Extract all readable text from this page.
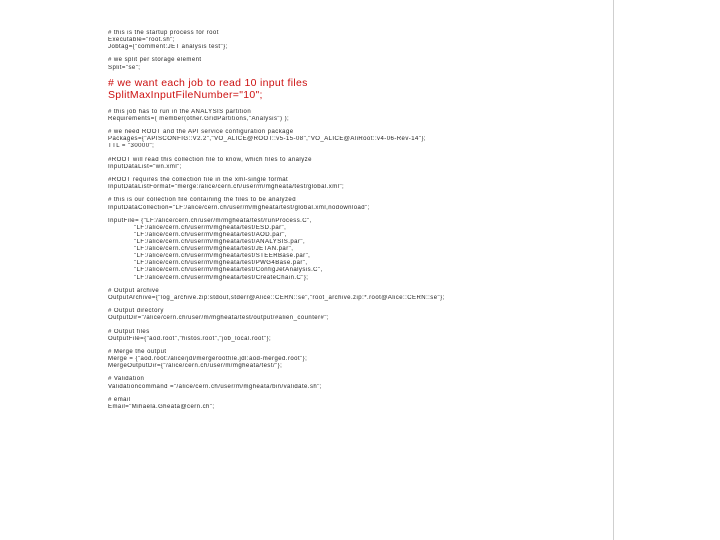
# this is the startup process for root
Executable="root.sh";
Jobtag={"comment:JET analysis test"};
# we split per storage element
Split="se";
# we want each job to read 10 input files
SplitMaxInputFileNumber="10";
# this job has to run in the ANALYSIS partition
Requirements=( member(other.GridPartitions,"Analysis") );
# we need ROOT and the API service configuration package
Packages={"APISCONFIG::V2.2","VO_ALICE@ROOT::v5-15-08","VO_ALICE@AliRoot::v4-06-Rev-14"};
TTL = "30000";
#ROOT will read this collection file to know, which files to analyze
InputDataList="wn.xml";
#ROOT requires the collection file in the xml-single format
InputDataListFormat="merge:/alice/cern.ch/user/m/mgheata/test/global.xml";
# this is our collection file containing the files to be analyzed
InputDataCollection="LF:/alice/cern.ch/user/m/mgheata/test/global.xml,nodownload";
InputFile= {"LF:/alice/cern.ch/user/m/mgheata/test/runProcess.C",
"LF:/alice/cern.ch/user/m/mgheata/test/ESD.par",
"LF:/alice/cern.ch/user/m/mgheata/test/AOD.par",
"LF:/alice/cern.ch/user/m/mgheata/test/ANALYSIS.par",
"LF:/alice/cern.ch/user/m/mgheata/test/JETAN.par",
"LF:/alice/cern.ch/user/m/mgheata/test/STEERBase.par",
"LF:/alice/cern.ch/user/m/mgheata/test/PWG4Base.par",
"LF:/alice/cern.ch/user/m/mgheata/test/ConfigJetAnalysis.C",
"LF:/alice/cern.ch/user/m/mgheata/test/CreateChain.C"};
# Output archive
OutputArchive={"log_archive.zip:stdout,stderr@Alice::CERN::se","root_archive.zip:*.root@Alice::CERN::se"};
# Output directory
OutputDir="/alice/cern.ch/user/m/mgheata/test/output/#alien_counter#";
# Output files
OutputFile={"aod.root","histos.root","job_local.root"};
# Merge the output
Merge = {"aod.root:/alice/jdl/mergerootfile.jdl:aod-merged.root"};
MergeOutputDir={"/alice/cern.ch/user/m/mgheata/test/"};
# Validation
Validationcommand ="/alice/cern.ch/user/m/mgheata/bin/validate.sh";
# email
Email="Mihaela.Gheata@cern.ch";
